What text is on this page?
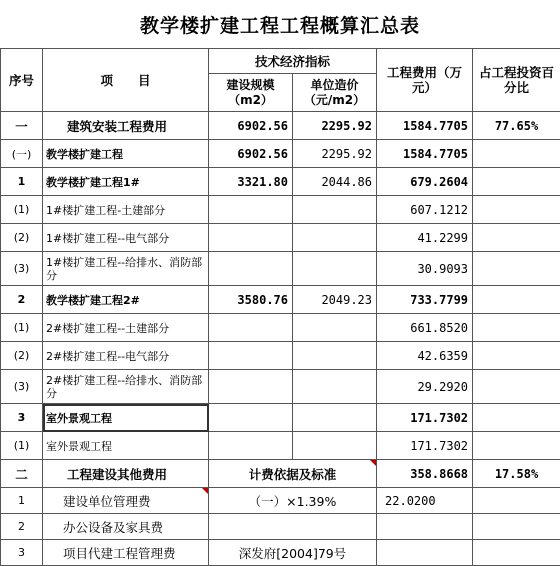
教学楼扩建工程工程概算汇总表
序号	项　　目	技术经济指标		工程费用（万元）	占工程投资百分比
		建设规模（m2）	单位造价（元/m2）		
一	建筑安装工程费用	6902.56	2295.92	1584.7705	77.65%
(一)	教学楼扩建工程	6902.56	2295.92	1584.7705	
1	教学楼扩建工程1#	3321.80	2044.86	679.2604	
(1)	1#楼扩建工程-土建部分			607.1212	
(2)	1#楼扩建工程--电气部分			41.2299	
(3)	1#楼扩建工程--给排水、消防部分			30.9093	
2	教学楼扩建工程2#	3580.76	2049.23	733.7799	
(1)	2#楼扩建工程--土建部分			661.8520	
(2)	2#楼扩建工程--电气部分			42.6359	
(3)	2#楼扩建工程--给排水、消防部分			29.2920	
3	室外景观工程			171.7302	
(1)	室外景观工程			171.7302	
二	工程建设其他费用	计费依据及标准		358.8668	17.58%
1	建设单位管理费	（一）×1.39%		22.0200	
2	办公设备及家具费				
3	项目代建工程管理费	深发府[2004]79号			
